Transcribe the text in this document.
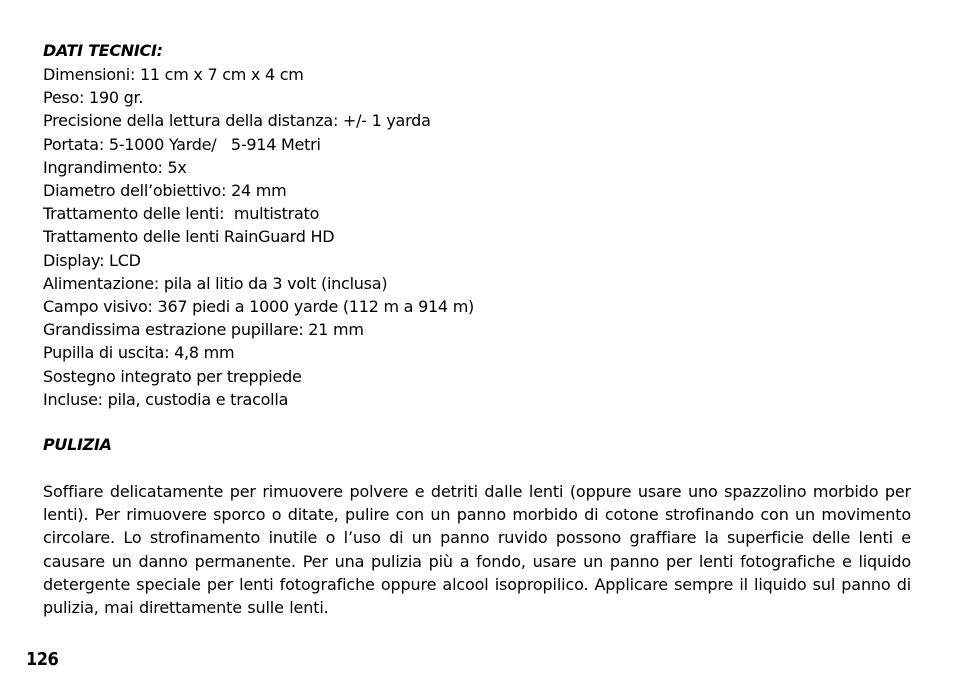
DATI TECNICI:
Dimensioni: 11 cm x 7 cm x 4 cm
Peso: 190 gr.
Precisione della lettura della distanza: +/- 1 yarda
Portata: 5-1000 Yarde/   5-914 Metri
Ingrandimento: 5x
Diametro dell’obiettivo: 24 mm
Trattamento delle lenti:  multistrato
Trattamento delle lenti RainGuard HD
Display: LCD
Alimentazione: pila al litio da 3 volt (inclusa)
Campo visivo: 367 piedi a 1000 yarde (112 m a 914 m)
Grandissima estrazione pupillare: 21 mm
Pupilla di uscita: 4,8 mm
Sostegno integrato per treppiede
Incluse: pila, custodia e tracolla
PULIZIA

Soffiare delicatamente per rimuovere polvere e detriti dalle lenti (oppure usare uno spazzolino morbido per lenti). Per rimuovere sporco o ditate, pulire con un panno morbido di cotone strofinando con un movimento circolare. Lo strofinamento inutile o l’uso di un panno ruvido possono graffiare la superficie delle lenti e causare un danno permanente. Per una pulizia più a fondo, usare un panno per lenti fotografiche e liquido detergente speciale per lenti fotografiche oppure alcool isopropilico. Applicare sempre il liquido sul panno di pulizia, mai direttamente sulle lenti.

126
